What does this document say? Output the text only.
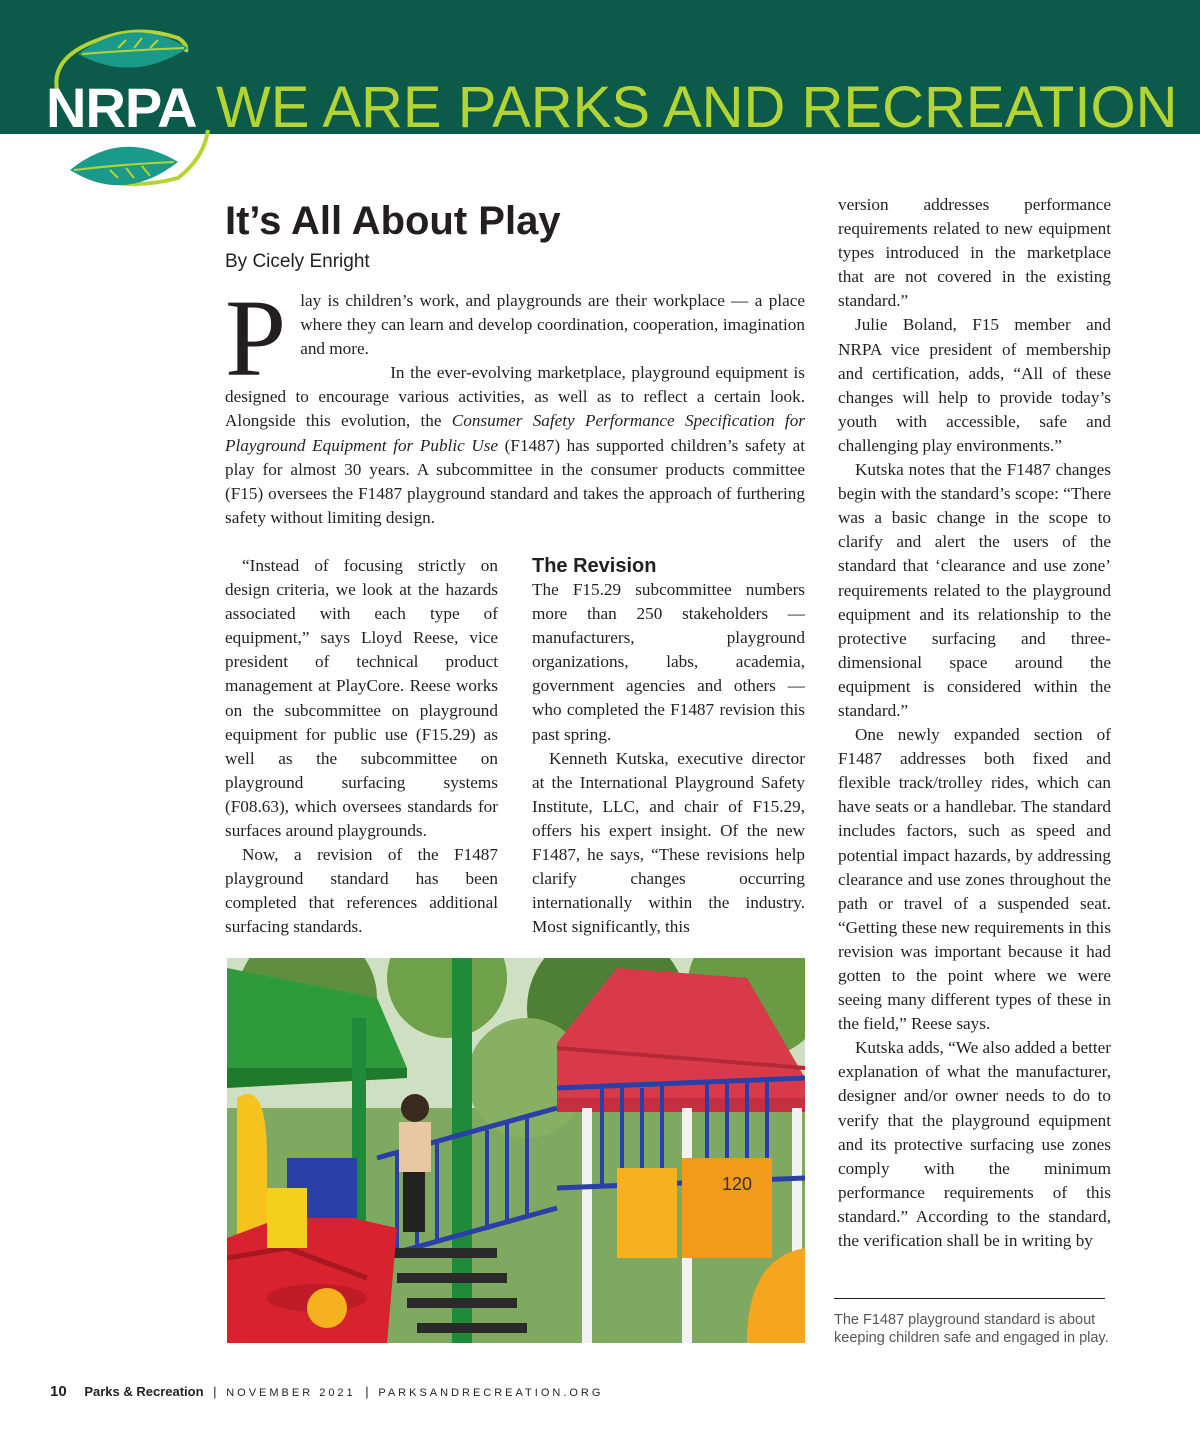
NRPA WE ARE PARKS AND RECREATION
It’s All About Play
By Cicely Enright
P lay is children’s work, and playgrounds are their workplace — a place where they can learn and develop coordination, cooperation, imagination and more.

In the ever-evolving marketplace, playground equipment is designed to encourage various activities, as well as to reflect a certain look. Alongside this evolution, the Consumer Safety Performance Specification for Playground Equipment for Public Use (F1487) has supported children’s safety at play for almost 30 years. A subcommittee in the consumer products committee (F15) oversees the F1487 playground standard and takes the approach of furthering safety without limiting design.

“Instead of focusing strictly on design criteria, we look at the hazards associated with each type of equipment,” says Lloyd Reese, vice president of technical product management at PlayCore. Reese works on the subcommittee on playground equipment for public use (F15.29) as well as the subcommittee on playground surfacing systems (F08.63), which oversees standards for surfaces around playgrounds.

Now, a revision of the F1487 playground standard has been completed that references additional surfacing standards.

The Revision

The F15.29 subcommittee numbers more than 250 stakeholders — manufacturers, playground organizations, labs, academia, government agencies and others — who completed the F1487 revision this past spring.

Kenneth Kutska, executive director at the International Playground Safety Institute, LLC, and chair of F15.29, offers his expert insight. Of the new F1487, he says, “These revisions help clarify changes occurring internationally within the industry. Most significantly, this

version addresses performance requirements related to new equipment types introduced in the marketplace that are not covered in the existing standard.”

Julie Boland, F15 member and NRPA vice president of membership and certification, adds, “All of these changes will help to provide today’s youth with accessible, safe and challenging play environments.”

Kutska notes that the F1487 changes begin with the standard’s scope: “There was a basic change in the scope to clarify and alert the users of the standard that ‘clearance and use zone’ requirements related to the playground equipment and its relationship to the protective surfacing and three-dimensional space around the equipment is considered within the standard.”

One newly expanded section of F1487 addresses both fixed and flexible track/trolley rides, which can have seats or a handlebar. The standard includes factors, such as speed and potential impact hazards, by addressing clearance and use zones throughout the path or travel of a suspended seat. “Getting these new requirements in this revision was important because it had gotten to the point where we were seeing many different types of these in the field,” Reese says.

Kutska adds, “We also added a better explanation of what the manufacturer, designer and/or owner needs to do to verify that the playground equipment and its protective surfacing use zones comply with the minimum performance requirements of this standard.” According to the standard, the verification shall be in writing by

120
The F1487 playground standard is about keeping children safe and engaged in play.
10 Parks & Recreation | NOVEMBER 2021 | PARKSANDRECREATION.ORG
